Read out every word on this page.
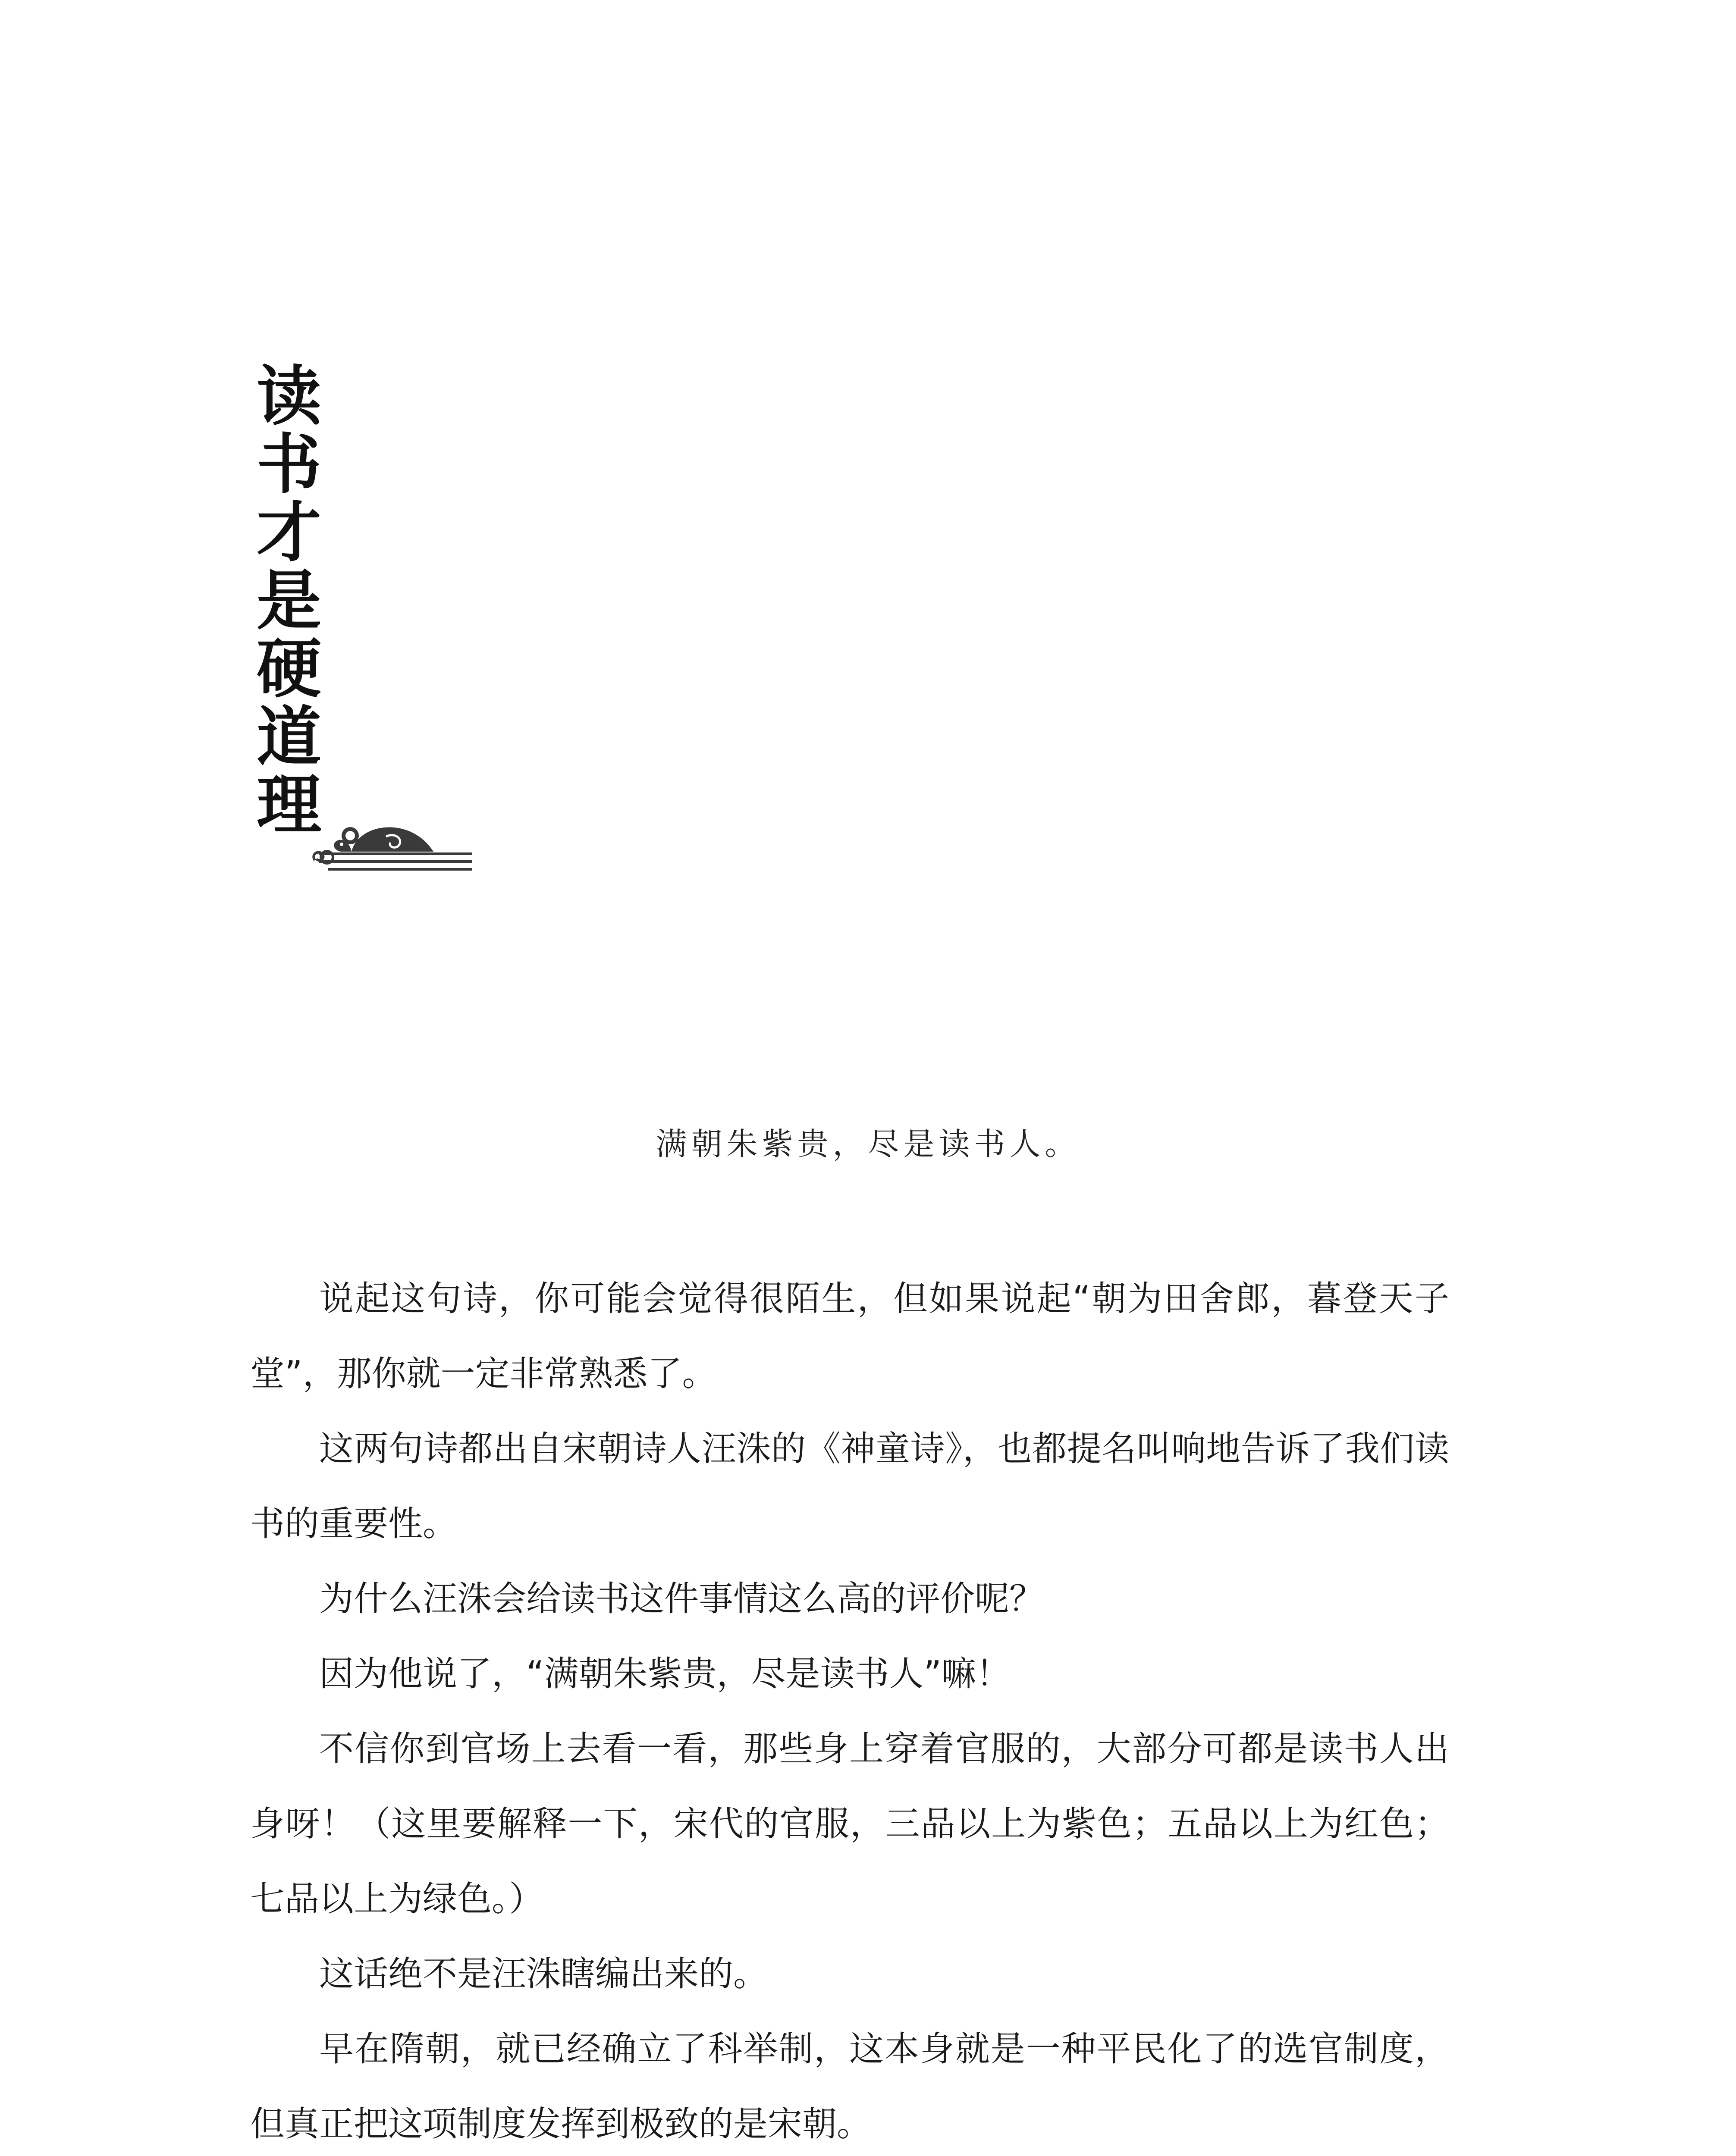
读
书
才
是
硬
道
理
满朝朱紫贵，尽是读书人。

说起这句诗，你可能会觉得很陌生，但如果说起“朝为田舍郎，暮登天子堂”，那你就一定非常熟悉了。

这两句诗都出自宋朝诗人汪洙的《神童诗》，也都提名叫响地告诉了我们读书的重要性。

为什么汪洙会给读书这件事情这么高的评价呢？

因为他说了，“满朝朱紫贵，尽是读书人”嘛！

不信你到官场上去看一看，那些身上穿着官服的，大部分可都是读书人出身呀！（这里要解释一下，宋代的官服，三品以上为紫色；五品以上为红色；七品以上为绿色。）

这话绝不是汪洙瞎编出来的。

早在隋朝，就已经确立了科举制，这本身就是一种平民化了的选官制度，但真正把这项制度发挥到极致的是宋朝。
